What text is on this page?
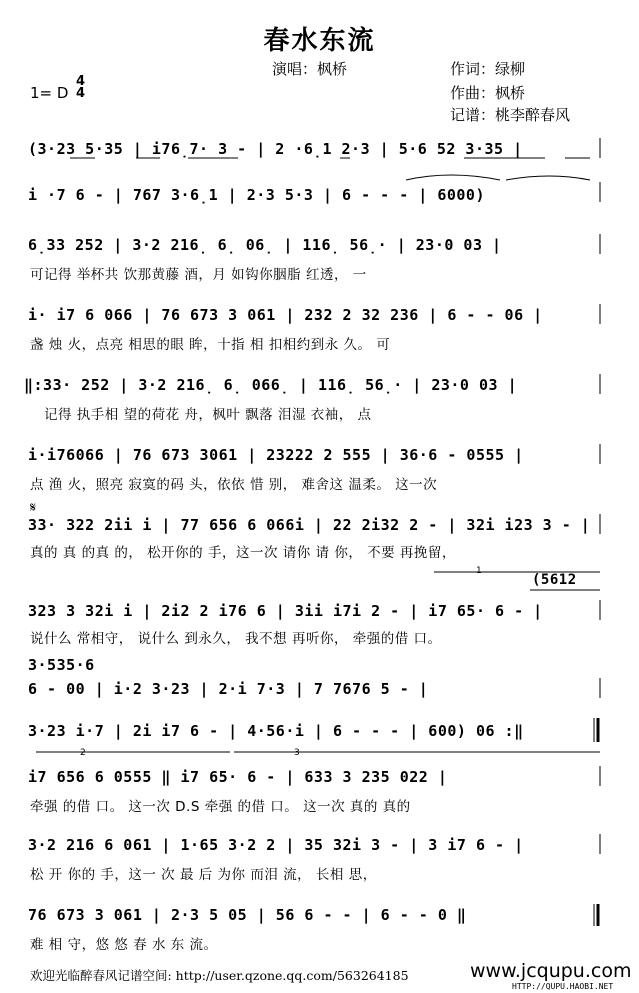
春水东流
演唱：枫桥	作词：绿柳
作曲：枫桥
记谱：桃李醉春风
1= D
4
4
(3·23 5·35 | i76̣7· 3 - | 2 ·6̣1 2·3 | 5·6 52 3·35 |
i ·7 6 - | 767 3·6̣1 | 2·3 5·3 | 6 - - - | 6000)
6̣33 252 | 3·2 216̣ 6̣ 06̣ | 116̣ 56̣· | 23·0 03 |
可记得 举杯共 饮那黄藤 酒，月 如钩你胭脂 红透， 一
i· i7 6 066 | 76 673 3 061 | 232 2 32 236 | 6 - - 06 |
盏 烛 火，点亮 相思的眼 眸，十指 相 扣相约到永 久。 可
‖:33· 252 | 3·2 216̣ 6̣ 066̣ | 116̣ 56̣· | 23·0 03 |
记得 执手相 望的荷花 舟，枫叶 飘落 泪湿 衣袖， 点
i·i76066 | 76 673 3061 | 23222 2 555 | 36·6 - 0555 |
点 渔 火，照亮 寂寞的码 头，依依 惜 别， 难舍这 温柔。 这一次
𝄋
33· 322 2ii i | 77 656 6 066i | 22 2i32 2 - | 32i i23 3 - |
真的 真 的真 的， 松开你的 手，这一次 请你 请 你， 不要 再挽留，
1
(5612
323 3 32i i | 2i2 2 i76 6 | 3ii i7i 2 - | i7 65· 6 - |
说什么 常相守， 说什么 到永久， 我不想 再听你， 牵强的借 口。
3·535·6
6 - 00 | i·2 3·23 | 2·i 7·3 | 7 7676 5 - |
3·23 i·7 | 2i i7 6 - | 4·56·i | 6 - - - | 600) 06 :‖
2	3
i7 656 6 0555 ‖ i7 65· 6 - | 633 3 235 022 |
牵强 的借 口。 这一次 D.S 牵强 的借 口。 这一次 真的 真的
3·2 216 6 061 | 1·65 3·2 2 | 35 32i 3 - | 3 i7 6 - |
松 开 你的 手，这一 次 最 后 为你 而泪 流， 长相 思，
76 673 3 061 | 2·3 5 05 | 56 6 - - | 6 - - 0 ‖
难 相 守，悠 悠 春 水 东 流。
欢迎光临醉春风记谱空间: http://user.qzone.qq.com/563264185	www.jcqupu.com
HTTP://QUPU.HAOBI.NET
